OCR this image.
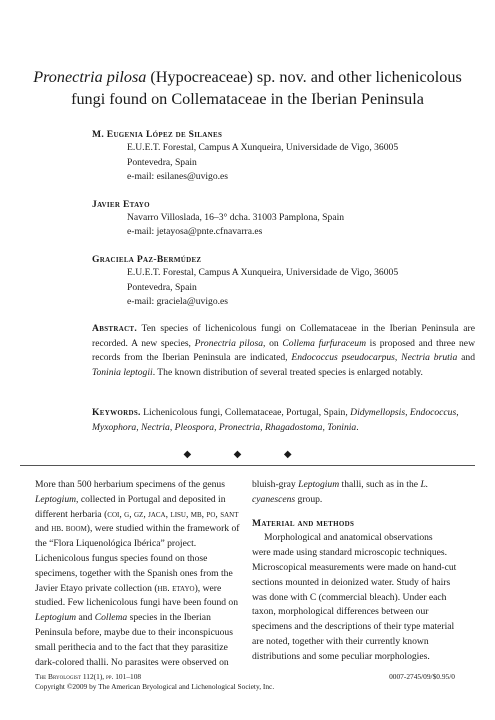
Pronectria pilosa (Hypocreaceae) sp. nov. and other lichenicolous
fungi found on Collemataceae in the Iberian Peninsula
M. Eugenia López de Silanes
E.U.E.T. Forestal, Campus A Xunqueira, Universidade de Vigo, 36005
Pontevedra, Spain
e-mail: esilanes@uvigo.es
Javier Etayo
Navarro Villoslada, 16–3° dcha. 31003 Pamplona, Spain
e-mail: jetayosa@pnte.cfnavarra.es
Graciela Paz-Bermúdez
E.U.E.T. Forestal, Campus A Xunqueira, Universidade de Vigo, 36005
Pontevedra, Spain
e-mail: graciela@uvigo.es
Abstract. Ten species of lichenicolous fungi on Collemataceae in the Iberian Peninsula are recorded. A new species, Pronectria pilosa, on Collema furfuraceum is proposed and three new records from the Iberian Peninsula are indicated, Endococcus pseudocarpus, Nectria brutia and Toninia leptogii. The known distribution of several treated species is enlarged notably.
Keywords. Lichenicolous fungi, Collemataceae, Portugal, Spain, Didymellopsis, Endococcus, Myxophora, Nectria, Pleospora, Pronectria, Rhagadostoma, Toninia.
◆ ◆ ◆
More than 500 herbarium specimens of the genus
Leptogium, collected in Portugal and deposited in
different herbaria (coi, g, gz, jaca, lisu, mb, po, sant
and hb. boom), were studied within the framework of
the “Flora Liquenológica Ibérica” project.
Lichenicolous fungus species found on those
specimens, together with the Spanish ones from the
Javier Etayo private collection (hb. etayo), were
studied. Few lichenicolous fungi have been found on
Leptogium and Collema species in the Iberian
Peninsula before, maybe due to their inconspicuous
small perithecia and to the fact that they parasitize
dark-colored thalli. No parasites were observed on
bluish-gray Leptogium thalli, such as in the L.
cyanescens group.
Material and methods
Morphological and anatomical observations
were made using standard microscopic techniques.
Microscopical measurements were made on hand-cut
sections mounted in deionized water. Study of hairs
was done with C (commercial bleach). Under each
taxon, morphological differences between our
specimens and the descriptions of their type material
are noted, together with their currently known
distributions and some peculiar morphologies.
The Bryologist 112(1), pp. 101–108	0007-2745/09/$0.95/0
Copyright ©2009 by The American Bryological and Lichenological Society, Inc.
